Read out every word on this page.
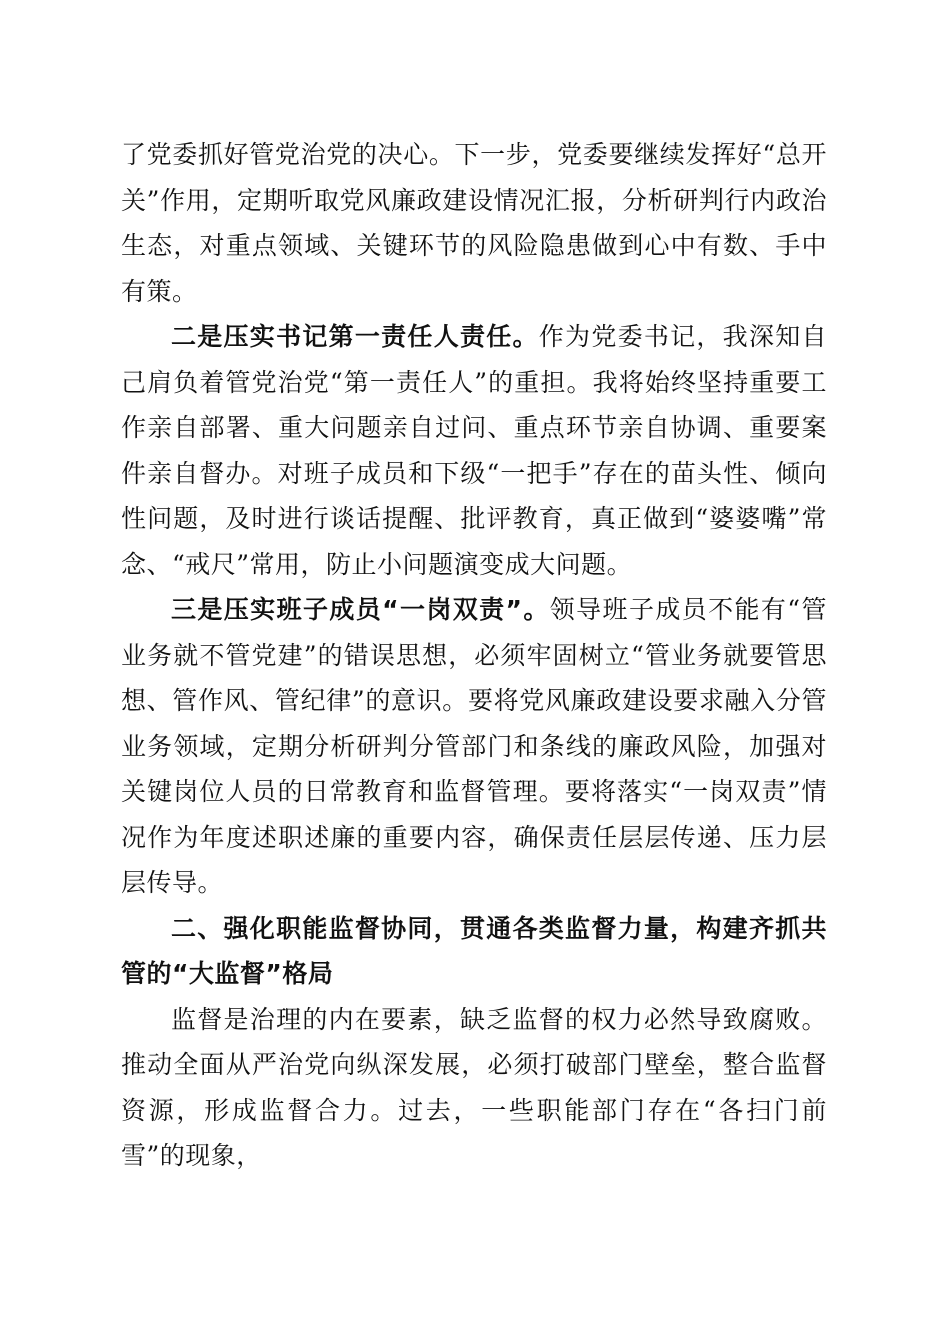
了党委抓好管党治党的决心。下一步，党委要继续发挥好“总开关”作用，定期听取党风廉政建设情况汇报，分析研判行内政治生态，对重点领域、关键环节的风险隐患做到心中有数、手中有策。

二是压实书记第一责任人责任。作为党委书记，我深知自己肩负着管党治党“第一责任人”的重担。我将始终坚持重要工作亲自部署、重大问题亲自过问、重点环节亲自协调、重要案件亲自督办。对班子成员和下级“一把手”存在的苗头性、倾向性问题，及时进行谈话提醒、批评教育，真正做到“婆婆嘴”常念、“戒尺”常用，防止小问题演变成大问题。

三是压实班子成员“一岗双责”。领导班子成员不能有“管业务就不管党建”的错误思想，必须牢固树立“管业务就要管思想、管作风、管纪律”的意识。要将党风廉政建设要求融入分管业务领域，定期分析研判分管部门和条线的廉政风险，加强对关键岗位人员的日常教育和监督管理。要将落实“一岗双责”情况作为年度述职述廉的重要内容，确保责任层层传递、压力层层传导。

二、强化职能监督协同，贯通各类监督力量，构建齐抓共管的“大监督”格局

监督是治理的内在要素，缺乏监督的权力必然导致腐败。推动全面从严治党向纵深发展，必须打破部门壁垒，整合监督资源，形成监督合力。过去，一些职能部门存在“各扫门前雪”的现象，
